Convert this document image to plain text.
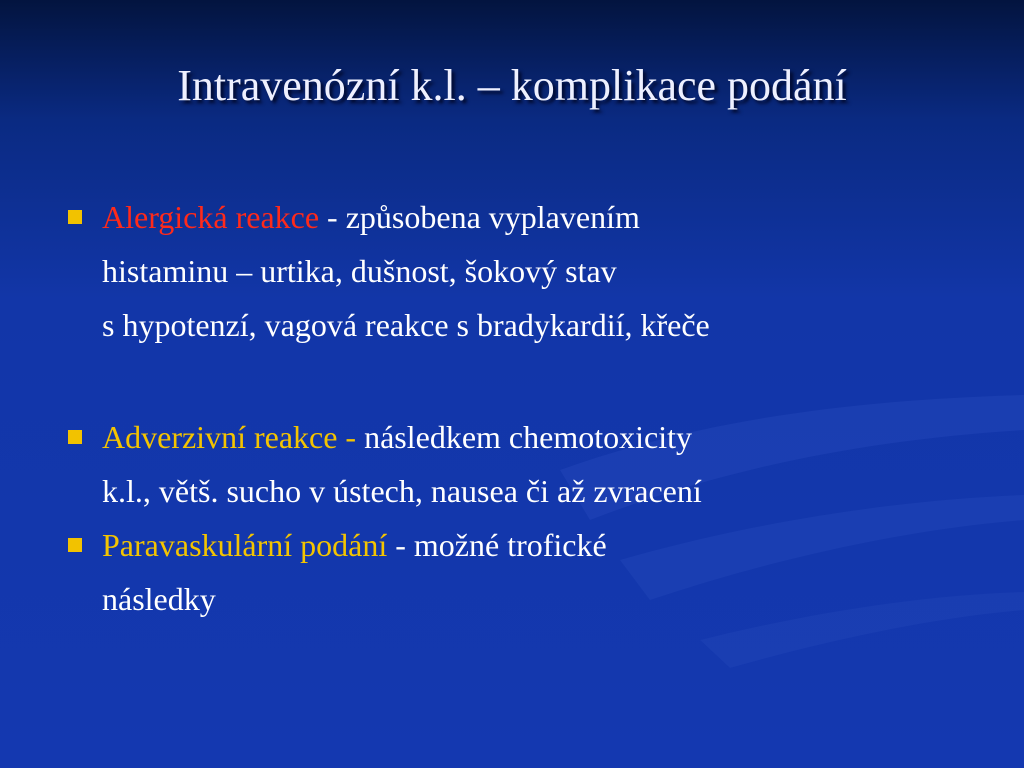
Intravenózní k.l. – komplikace podání
Alergická reakce - způsobena vyplavením
histaminu – urtika, dušnost, šokový stav
s hypotenzí, vagová reakce s bradykardií, křeče
Adverzivní reakce - následkem chemotoxicity
k.l., větš. sucho v ústech, nausea či až zvracení
Paravaskulární podání - možné trofické
následky
